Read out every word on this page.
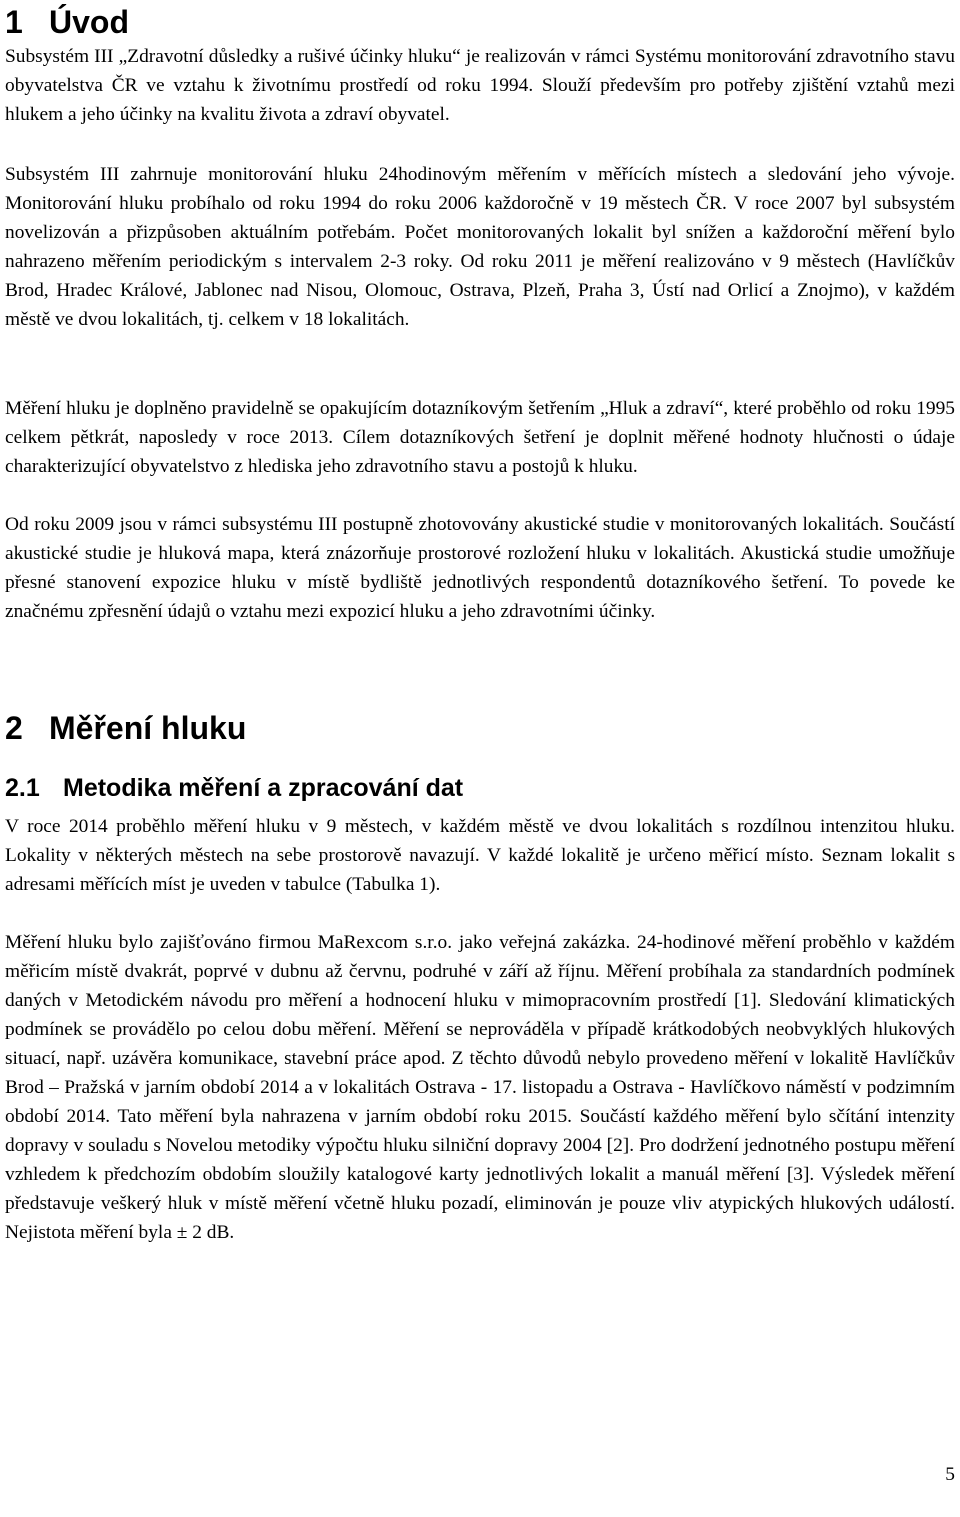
1 Úvod

Subsystém III „Zdravotní důsledky a rušivé účinky hluku“ je realizován v rámci Systému monitorování zdravotního stavu obyvatelstva ČR ve vztahu k životnímu prostředí od roku 1994. Slouží především pro potřeby zjištění vztahů mezi hlukem a jeho účinky na kvalitu života a zdraví obyvatel.

Subsystém III zahrnuje monitorování hluku 24hodinovým měřením v měřících místech a sledování jeho vývoje. Monitorování hluku probíhalo od roku 1994 do roku 2006 každoročně v 19 městech ČR. V roce 2007 byl subsystém novelizován a přizpůsoben aktuálním potřebám. Počet monitorovaných lokalit byl snížen a každoroční měření bylo nahrazeno měřením periodickým s intervalem 2-3 roky. Od roku 2011 je měření realizováno v 9 městech (Havlíčkův Brod, Hradec Králové, Jablonec nad Nisou, Olomouc, Ostrava, Plzeň, Praha 3, Ústí nad Orlicí a Znojmo), v každém městě ve dvou lokalitách, tj. celkem v 18 lokalitách.

Měření hluku je doplněno pravidelně se opakujícím dotazníkovým šetřením „Hluk a zdraví“, které proběhlo od roku 1995 celkem pětkrát, naposledy v roce 2013. Cílem dotazníkových šetření je doplnit měřené hodnoty hlučnosti o údaje charakterizující obyvatelstvo z hlediska jeho zdravotního stavu a postojů k hluku.

Od roku 2009 jsou v rámci subsystému III postupně zhotovovány akustické studie v monitorovaných lokalitách. Součástí akustické studie je hluková mapa, která znázorňuje prostorové rozložení hluku v lokalitách. Akustická studie umožňuje přesné stanovení expozice hluku v místě bydliště jednotlivých respondentů dotazníkového šetření. To povede ke značnému zpřesnění údajů o vztahu mezi expozicí hluku a jeho zdravotními účinky.

2 Měření hluku
2.1 Metodika měření a zpracování dat

V roce 2014 proběhlo měření hluku v 9 městech, v každém městě ve dvou lokalitách s rozdílnou intenzitou hluku. Lokality v některých městech na sebe prostorově navazují. V každé lokalitě je určeno měřicí místo. Seznam lokalit s adresami měřících míst je uveden v tabulce (Tabulka 1).

Měření hluku bylo zajišťováno firmou MaRexcom s.r.o. jako veřejná zakázka. 24-hodinové měření proběhlo v každém měřicím místě dvakrát, poprvé v dubnu až červnu, podruhé v září až říjnu. Měření probíhala za standardních podmínek daných v Metodickém návodu pro měření a hodnocení hluku v mimopracovním prostředí [1]. Sledování klimatických podmínek se provádělo po celou dobu měření. Měření se neprováděla v případě krátkodobých neobvyklých hlukových situací, např. uzávěra komunikace, stavební práce apod. Z těchto důvodů nebylo provedeno měření v lokalitě Havlíčkův Brod – Pražská v jarním období 2014 a v lokalitách Ostrava - 17. listopadu a Ostrava - Havlíčkovo náměstí v podzimním období 2014. Tato měření byla nahrazena v jarním období roku 2015. Součástí každého měření bylo sčítání intenzity dopravy v souladu s Novelou metodiky výpočtu hluku silniční dopravy 2004 [2]. Pro dodržení jednotného postupu měření vzhledem k předchozím obdobím sloužily katalogové karty jednotlivých lokalit a manuál měření [3]. Výsledek měření představuje veškerý hluk v místě měření včetně hluku pozadí, eliminován je pouze vliv atypických hlukových událostí. Nejistota měření byla ± 2 dB.

5
